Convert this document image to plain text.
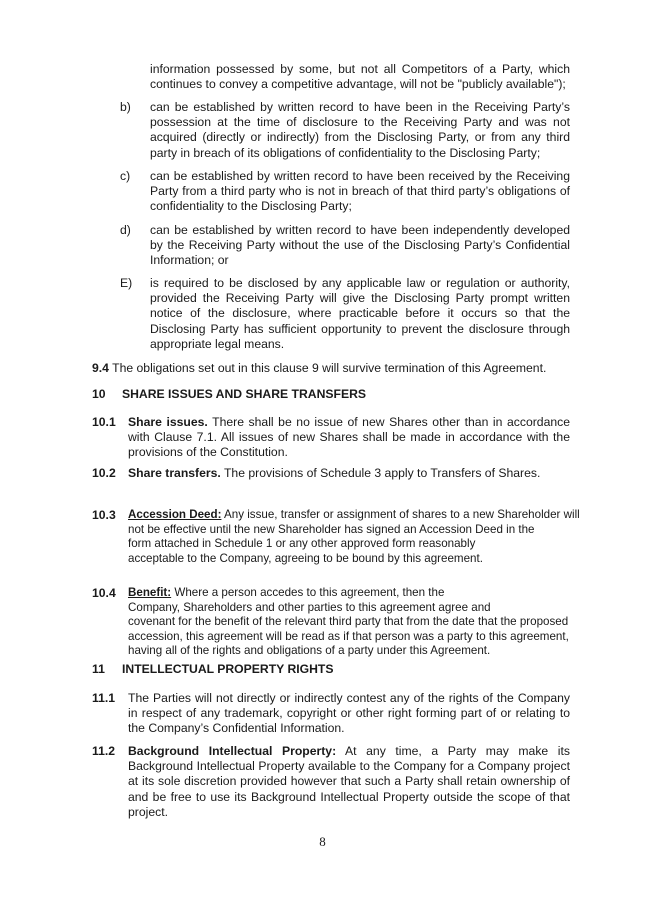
information possessed by some, but not all Competitors of a Party, which continues to convey a competitive advantage, will not be "publicly available");

b) can be established by written record to have been in the Receiving Party’s possession at the time of disclosure to the Receiving Party and was not acquired (directly or indirectly) from the Disclosing Party, or from any third party in breach of its obligations of confidentiality to the Disclosing Party;

c) can be established by written record to have been received by the Receiving Party from a third party who is not in breach of that third party’s obligations of confidentiality to the Disclosing Party;

d) can be established by written record to have been independently developed by the Receiving Party without the use of the Disclosing Party’s Confidential Information; or

E) is required to be disclosed by any applicable law or regulation or authority, provided the Receiving Party will give the Disclosing Party prompt written notice of the disclosure, where practicable before it occurs so that the Disclosing Party has sufficient opportunity to prevent the disclosure through appropriate legal means.

9.4 The obligations set out in this clause 9 will survive termination of this Agreement.

10 SHARE ISSUES AND SHARE TRANSFERS
10.1 Share issues. There shall be no issue of new Shares other than in accordance with Clause 7.1. All issues of new Shares shall be made in accordance with the provisions of the Constitution.

10.2 Share transfers. The provisions of Schedule 3 apply to Transfers of Shares.

10.3 Accession Deed: Any issue, transfer or assignment of shares to a new Shareholder will
not be effective until the new Shareholder has signed an Accession Deed in the
form attached in Schedule 1 or any other approved form reasonably
acceptable to the Company, agreeing to be bound by this agreement.
10.4 Benefit: Where a person accedes to this agreement, then the
Company, Shareholders and other parties to this agreement agree and
covenant for the benefit of the relevant third party that from the date that the proposed
accession, this agreement will be read as if that person was a party to this agreement,
having all of the rights and obligations of a party under this Agreement.
11 INTELLECTUAL PROPERTY RIGHTS
11.1 The Parties will not directly or indirectly contest any of the rights of the Company in respect of any trademark, copyright or other right forming part of or relating to the Company’s Confidential Information.

11.2 Background Intellectual Property: At any time, a Party may make its Background Intellectual Property available to the Company for a Company project at its sole discretion provided however that such a Party shall retain ownership of and be free to use its Background Intellectual Property outside the scope of that project.

8
